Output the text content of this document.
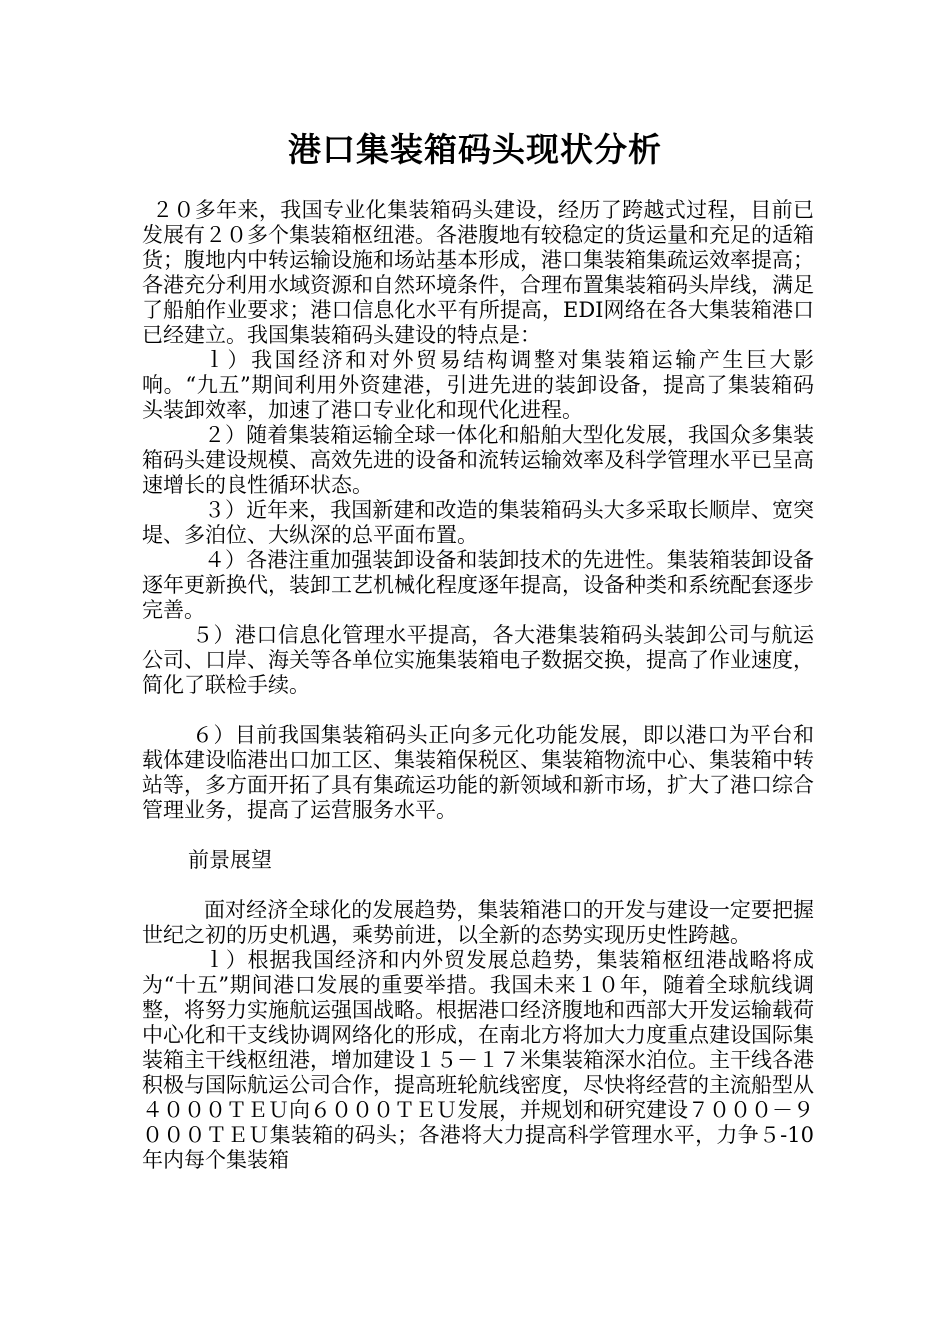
港口集装箱码头现状分析

２０多年来，我国专业化集装箱码头建设，经历了跨越式过程，目前已发展有２０多个集装箱枢纽港。各港腹地有较稳定的货运量和充足的适箱货；腹地内中转运输设施和场站基本形成，港口集装箱集疏运效率提高；各港充分利用水域资源和自然环境条件，合理布置集装箱码头岸线，满足了船舶作业要求；港口信息化水平有所提高，EDI网络在各大集装箱港口已经建立。我国集装箱码头建设的特点是：

ｌ）我国经济和对外贸易结构调整对集装箱运输产生巨大影响。“九五”期间利用外资建港，引进先进的装卸设备，提高了集装箱码头装卸效率，加速了港口专业化和现代化进程。

２）随着集装箱运输全球一体化和船舶大型化发展，我国众多集装箱码头建设规模、高效先进的设备和流转运输效率及科学管理水平已呈高速增长的良性循环状态。

３）近年来，我国新建和改造的集装箱码头大多采取长顺岸、宽突堤、多泊位、大纵深的总平面布置。

４）各港注重加强装卸设备和装卸技术的先进性。集装箱装卸设备逐年更新换代，装卸工艺机械化程度逐年提高，设备种类和系统配套逐步完善。

５）港口信息化管理水平提高，各大港集装箱码头装卸公司与航运公司、口岸、海关等各单位实施集装箱电子数据交换，提高了作业速度，简化了联检手续。

６）目前我国集装箱码头正向多元化功能发展，即以港口为平台和载体建设临港出口加工区、集装箱保税区、集装箱物流中心、集装箱中转站等，多方面开拓了具有集疏运功能的新领域和新市场，扩大了港口综合管理业务，提高了运营服务水平。

前景展望

面对经济全球化的发展趋势，集装箱港口的开发与建设一定要把握世纪之初的历史机遇，乘势前进，以全新的态势实现历史性跨越。

ｌ）根据我国经济和内外贸发展总趋势，集装箱枢纽港战略将成为“十五”期间港口发展的重要举措。我国未来１０年，随着全球航线调整，将努力实施航运强国战略。根据港口经济腹地和西部大开发运输载荷中心化和干支线协调网络化的形成，在南北方将加大力度重点建设国际集装箱主干线枢纽港，增加建设１５－１７米集装箱深水泊位。主干线各港积极与国际航运公司合作，提高班轮航线密度，尽快将经营的主流船型从４０００ＴＥＵ向６０００ＴＥＵ发展，并规划和研究建设７０００－９０００ＴＥＵ集装箱的码头；各港将大力提高科学管理水平，力争５-10年内每个集装箱
